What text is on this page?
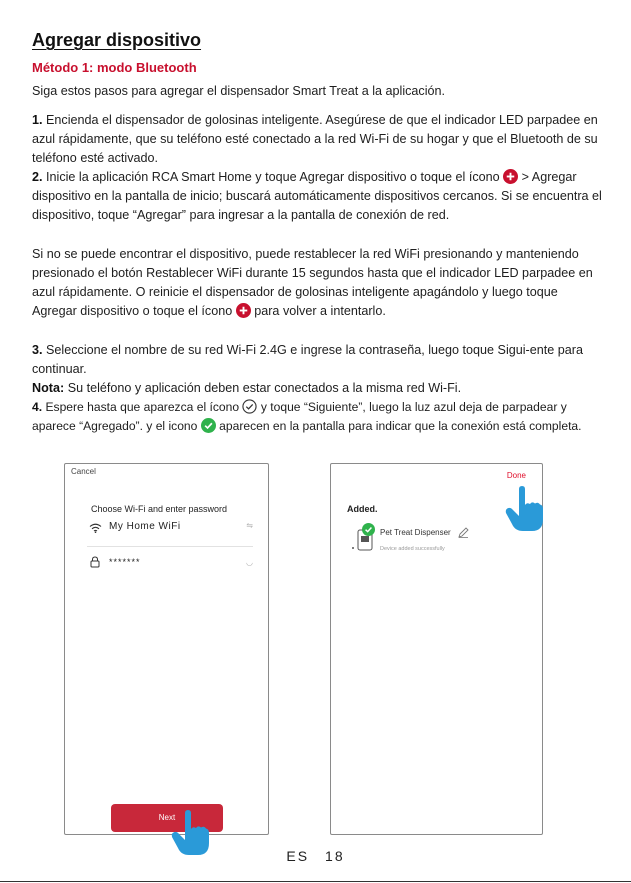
Agregar dispositivo
Método 1: modo Bluetooth
Siga estos pasos para agregar el dispensador Smart Treat a la aplicación.
1. Encienda el dispensador de golosinas inteligente. Asegúrese de que el indicador LED parpadee en azul rápidamente, que su teléfono esté conectado a la red Wi-Fi de su hogar y que el Bluetooth de su teléfono esté activado.
2. Inicie la aplicación RCA Smart Home y toque Agregar dispositivo o toque el ícono > Agregar dispositivo en la pantalla de inicio; buscará automáticamente dispositivos cercanos. Si se encuentra el dispositivo, toque “Agregar” para ingresar a la pantalla de conexión de red.
Si no se puede encontrar el dispositivo, puede restablecer la red WiFi presionando y manteniendo presionado el botón Restablecer WiFi durante 15 segundos hasta que el indicador LED parpadee en azul rápidamente. O reinicie el dispensador de golosinas inteligente apagándolo y luego toque Agregar dispositivo o toque el ícono para volver a intentarlo.
3. Seleccione el nombre de su red Wi-Fi 2.4G e ingrese la contraseña, luego toque Sigui-ente para continuar.
Nota: Su teléfono y aplicación deben estar conectados a la misma red Wi-Fi.
4. Espere hasta que aparezca el ícono y toque “Siguiente”, luego la luz azul deja de parpadear y aparece “Agregado”. y el icono aparecen en la pantalla para indicar que la conexión está completa.
Cancel
Choose Wi-Fi and enter password
My Home WiFi	⇋
*******	◡
Next
Done
Added.
Pet Treat Dispenser
Device added successfully
ES 18
